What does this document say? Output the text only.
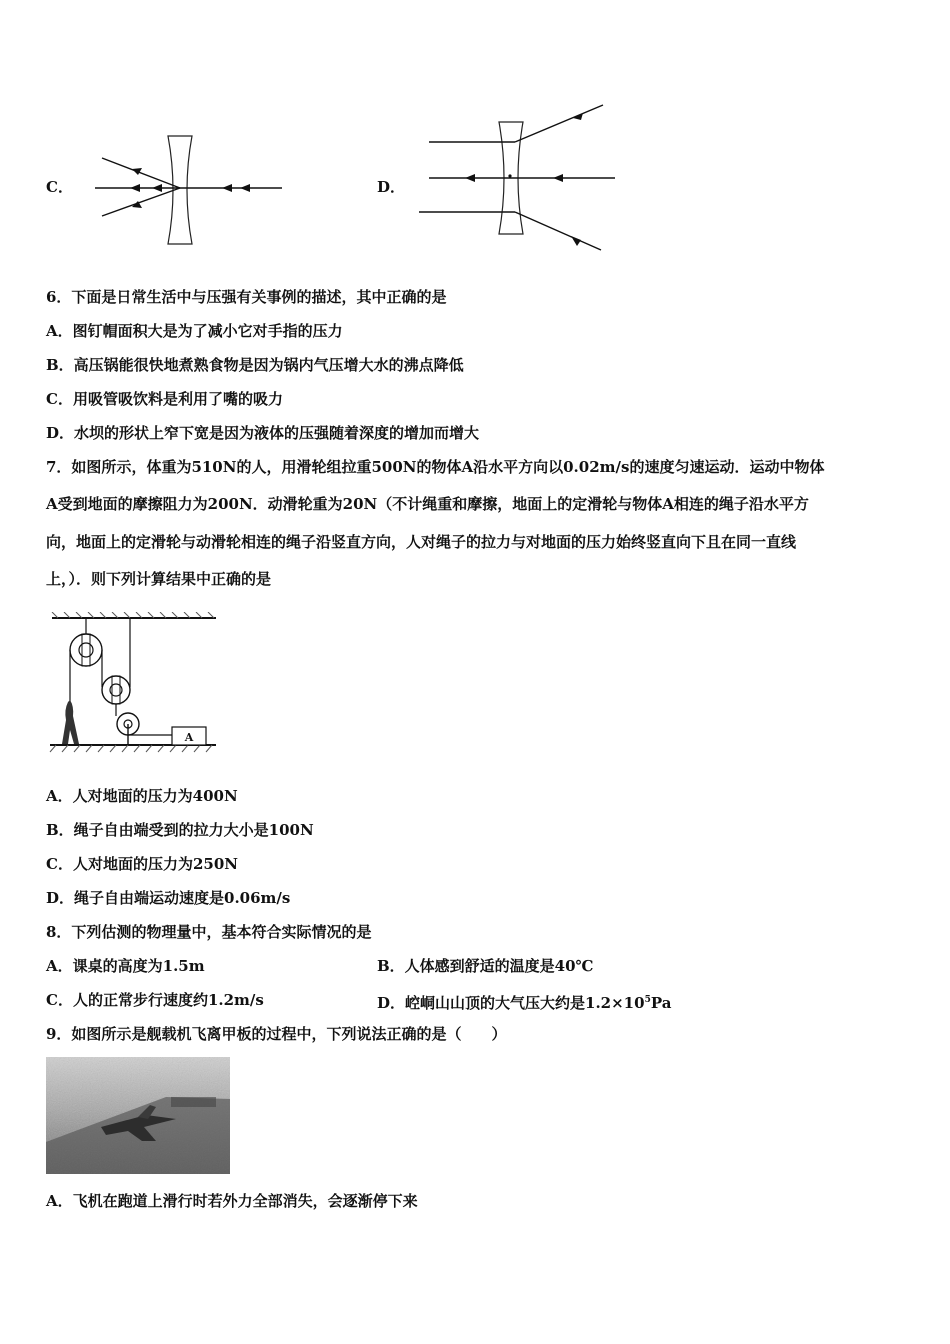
C．	D．
6．下面是日常生活中与压强有关事例的描述，其中正确的是
A．图钉帽面积大是为了减小它对手指的压力
B．高压锅能很快地煮熟食物是因为锅内气压增大水的沸点降低
C．用吸管吸饮料是利用了嘴的吸力
D．水坝的形状上窄下宽是因为液体的压强随着深度的增加而增大
7．如图所示，体重为510N的人，用滑轮组拉重500N的物体A沿水平方向以0.02m/s的速度匀速运动．运动中物体
A受到地面的摩擦阻力为200N．动滑轮重为20N（不计绳重和摩擦，地面上的定滑轮与物体A相连的绳子沿水平方
向，地面上的定滑轮与动滑轮相连的绳子沿竖直方向，人对绳子的拉力与对地面的压力始终竖直向下且在同一直线
上，）．则下列计算结果中正确的是
A
A．人对地面的压力为400N
B．绳子自由端受到的拉力大小是100N
C．人对地面的压力为250N
D．绳子自由端运动速度是0.06m/s
8．下列估测的物理量中，基本符合实际情况的是
A．课桌的高度为1.5m	B．人体感到舒适的温度是40℃
C．人的正常步行速度约1.2m/s	D．崆峒山山顶的大气压大约是$1.2\times 10^5Pa$
9．如图所示是舰载机飞离甲板的过程中，下列说法正确的是（　　）
A．飞机在跑道上滑行时若外力全部消失，会逐渐停下来
